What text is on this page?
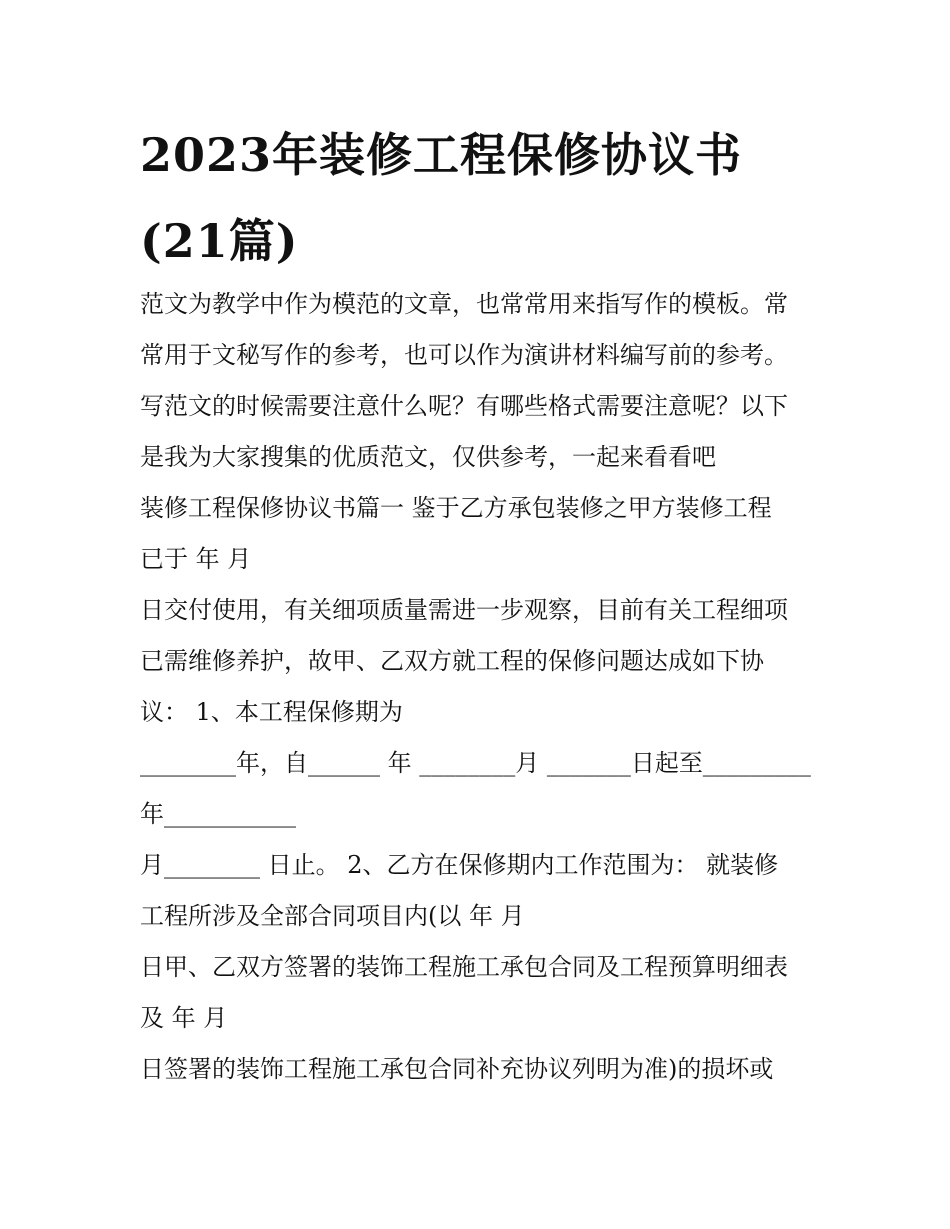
2023年装修工程保修协议书
(21篇)
范文为教学中作为模范的文章，也常常用来指写作的模板。常
常用于文秘写作的参考，也可以作为演讲材料编写前的参考。
写范文的时候需要注意什么呢？有哪些格式需要注意呢？以下
是我为大家搜集的优质范文，仅供参考，一起来看看吧
装修工程保修协议书篇一 鉴于乙方承包装修之甲方装修工程
已于 年 月
日交付使用，有关细项质量需进一步观察，目前有关工程细项
已需维修养护，故甲、乙双方就工程的保修问题达成如下协
议： 1、本工程保修期为
________年，自______ 年 ________月 _______日起至_________
年___________
月________ 日止。 2、乙方在保修期内工作范围为： 就装修
工程所涉及全部合同项目内(以 年 月
日甲、乙双方签署的装饰工程施工承包合同及工程预算明细表
及 年 月
日签署的装饰工程施工承包合同补充协议列明为准)的损坏或
